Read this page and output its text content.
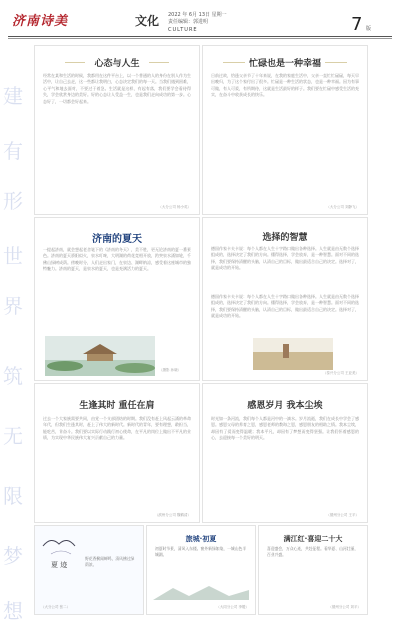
济南诗美	文化 2022 年 6月 13日 星期一
责任编辑：郭进明
CULTURE	7 版
建
有
形
世
界
筑
无
限
梦
想
心态与人生
经常在某和生活的时候，我都用在这件平台上，以一个普通的人的身份在别人作为生活中，让自己去走，这一些都让我明白，心态决定我们的每一天。当我们遇到困难，心平气和地去面对，不要过于着急。生活就是这样，有起有落，我们要学会看待得失，学会欣赏身边的美好。好的心态让人受益一生，也是我们走向成功的第一步。心态好了，一切都会好起来。
（大分公司 杨小英）
忙碌也是一种幸福
日前过故，恰逢父亲节了十年来说，在我的家庭生活中，父亲一直忙忙碌碌，每天早出晚归，为了这个家付出了很多。忙碌是一种生活的状态，也是一种幸福。因为有事可做，有人可爱，有所期待，这就是生活最好的样子。我们要在忙碌中感受生活的充实，在奋斗中收获成长的快乐。
（大分公司 刘静飞）
济南的夏天
一提起济南，就会想起老舍笔下的《济南的冬天》，美不胜，更无论济南的夏一番景色。济南的夏天骄阳似火，泉水叮咚，大明湖的荷花竞相开放，趵突泉水涌如轮，千佛山绿树成荫。傍晚时分，人们走出家门，在泉边、湖畔纳凉，感受着这座城市的独特魅力。济南的夏天，是泉水的夏天，也是充满活力的夏天。
（摄影 孙晓）
选择的智慧
德国作家卡夫卡说：每个人都在人生十字路口做出各种选择。人生就是由无数个选择组成的，选择决定了我们的方向。懂得选择，学会放弃，是一种智慧。面对不同的选择，我们要保持清醒的头脑，认清自己的目标，做出最适合自己的决定。选择对了，就是成功的开始。
德国作家卡夫卡说：每个人都在人生十字路口做出各种选择。人生就是由无数个选择组成的，选择决定了我们的方向。懂得选择，学会放弃，是一种智慧。面对不同的选择，我们要保持清醒的头脑，认清自己的目标，做出最适合自己的决定。选择对了，就是成功的开始。
（泰兴分公司 王亚美）
生逢其时 重任在肩
过去一个大家族需要共同，由党一个支部团结的时期。我们没有赶上风起云涌的革命年代，但我们生逢其时，赶上了伟大的新时代。新时代的青年，要有理想，敢担当，能吃苦，肯奋斗。我们要以实际行动践行初心使命，在平凡的岗位上做出不平凡的业绩，为实现中华民族伟大复兴贡献自己的力量。
（滨州分公司 魏鹤清）
感恩岁月 我本尘埃
时光如一条河流，我们每个人都是河中的一滴水。岁月流逝，我们在成长中学会了感恩。感恩父母的养育之恩，感恩老师的教诲之恩，感恩朋友的相助之情。我本尘埃，却因有了爱而变得温暖；我本平凡，却因有了梦想而变得坚强。让我们怀着感恩的心，去迎接每一个美好的明天。
（德州分公司 王平）
夏 迹
野花香鬓闻蝉鸣，清风拂过绿荫浓。
（大分公司 张二）
旅城·初夏
初夏时节景，清风入东楼。窗外新绿如染，一城山色半城湖。
（大同分公司 李嫒）
满江红·喜迎二十大
喜迎盛会，万众心连，共赴征程。看华夏、山河壮丽，百业兴盛。
（德州分公司 刘平）
